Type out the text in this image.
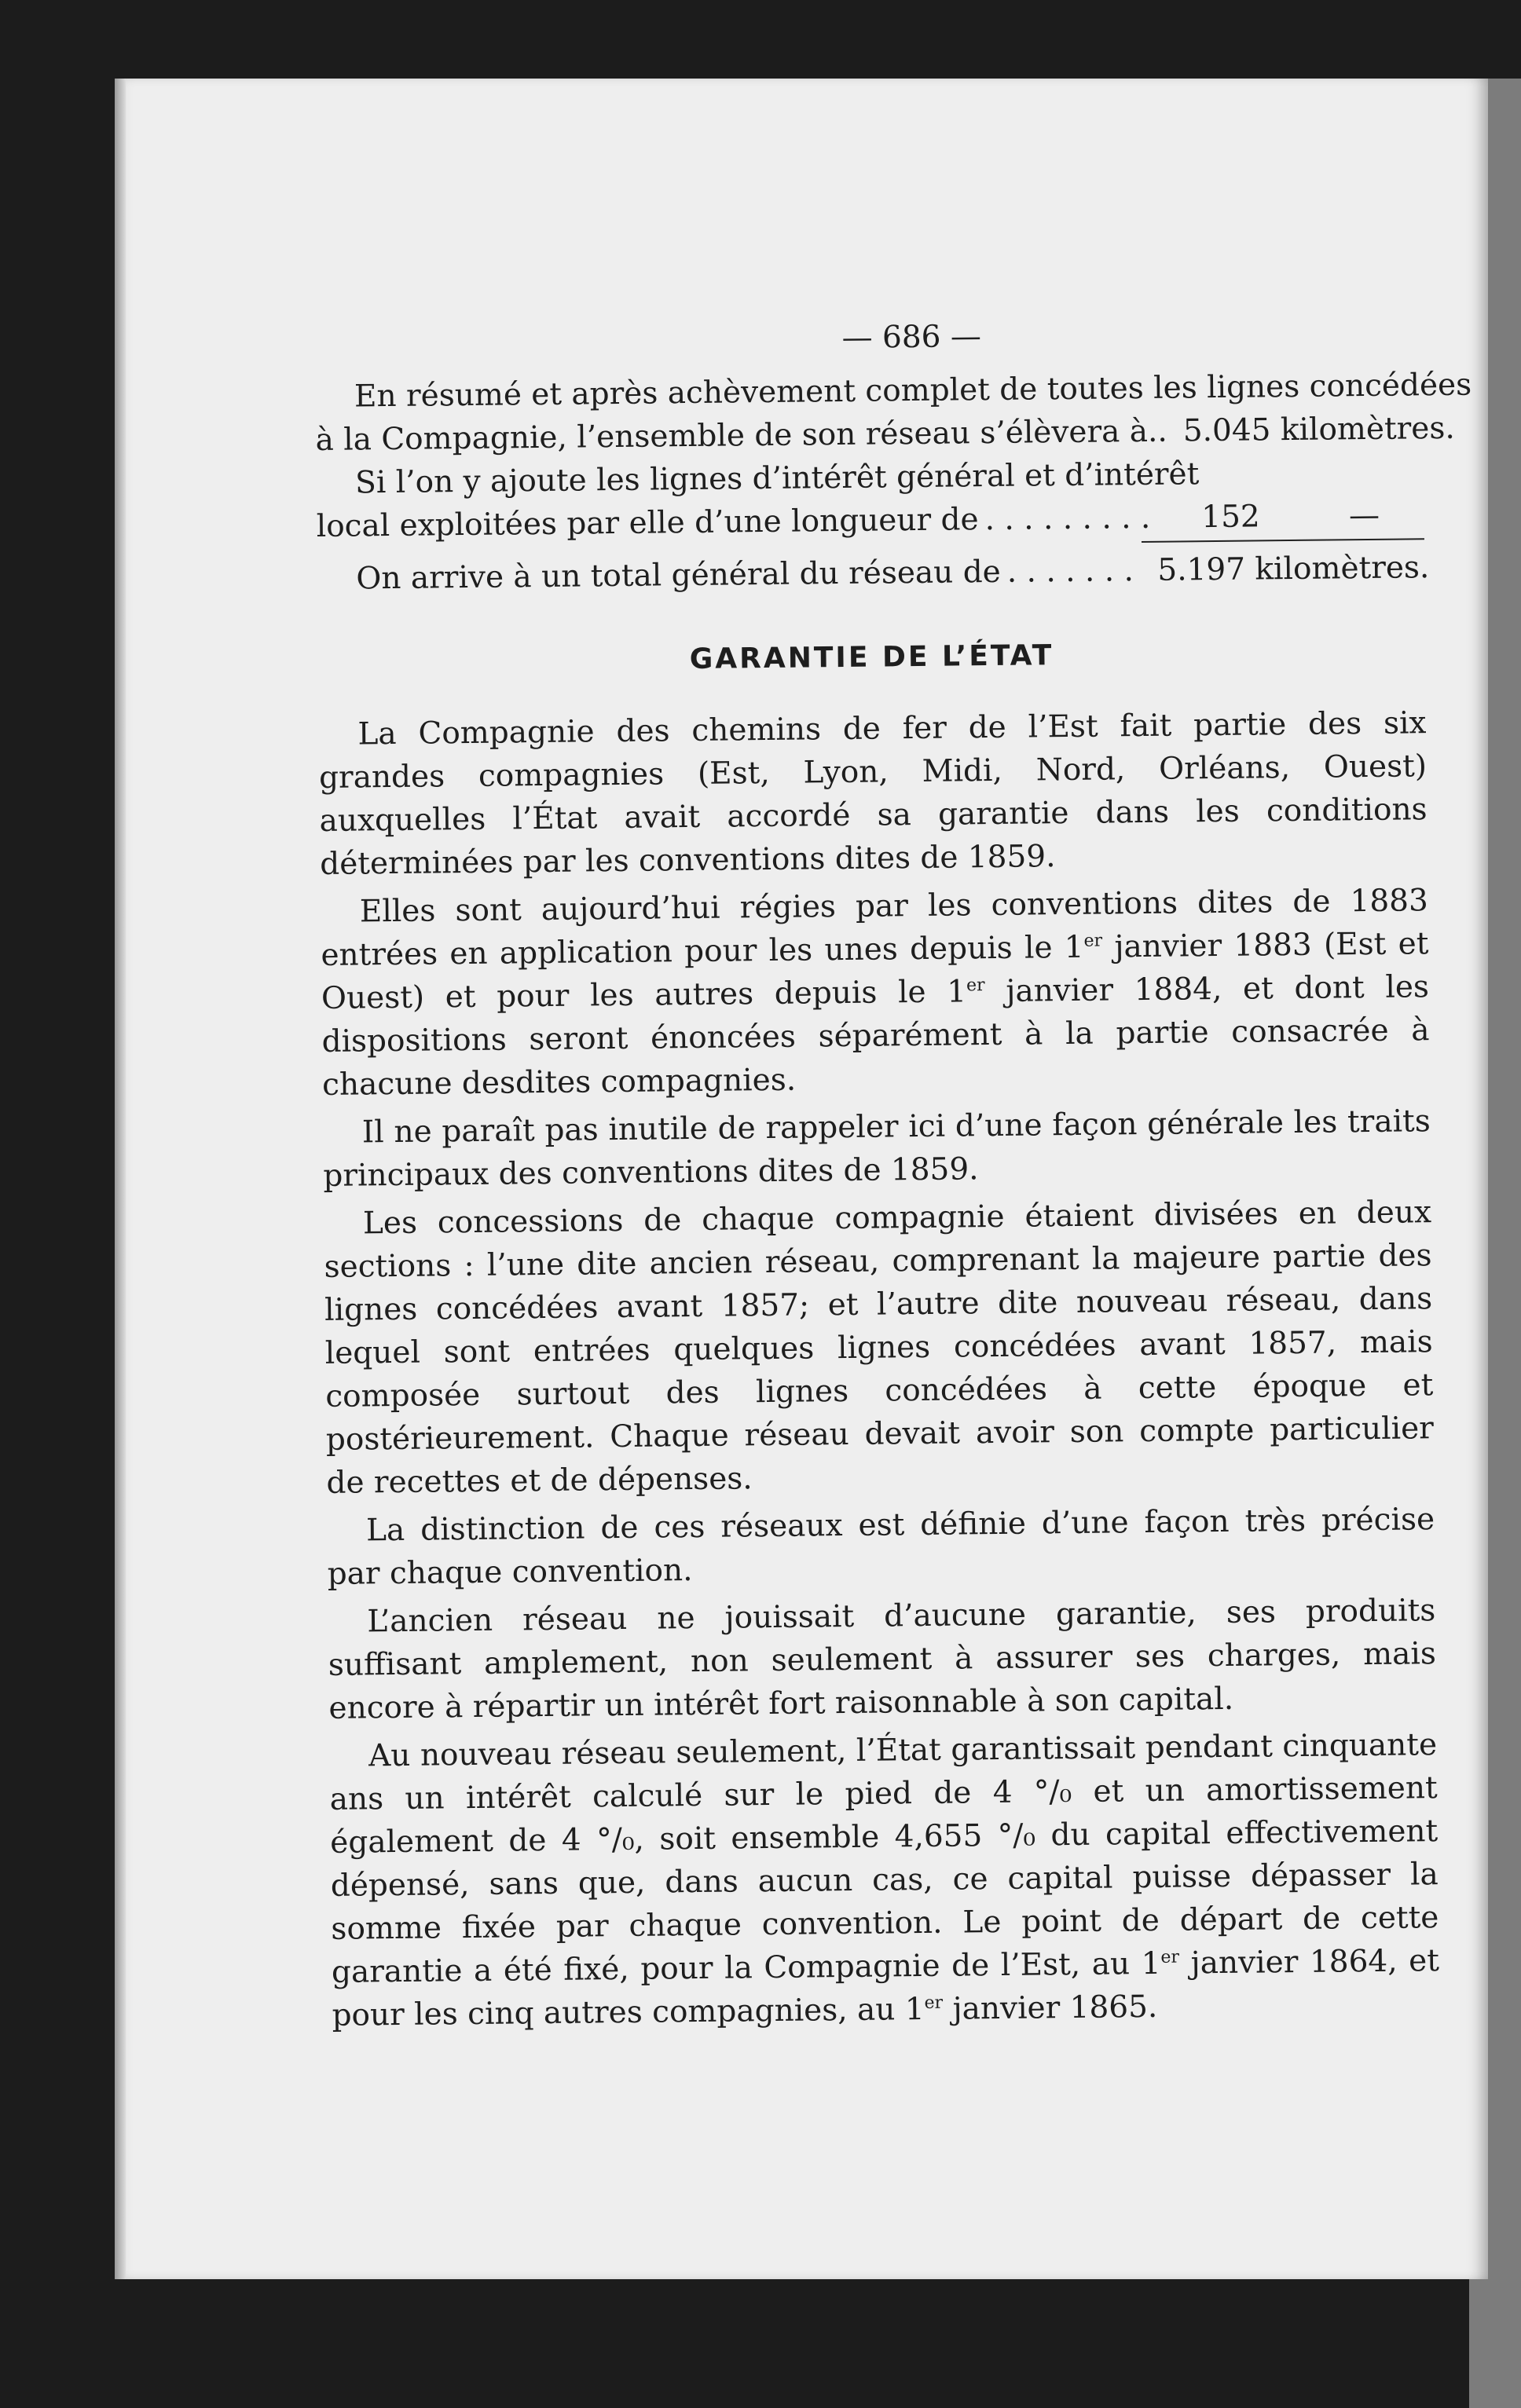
— 686 —
En résumé et après achèvement complet de toutes les lignes concédées
à la Compagnie, l’ensemble de son réseau s’élèvera à.. 5.045 kilomètres.
Si l’on y ajoute les lignes d’intérêt général et d’intérêt
local exploitées par elle d’une longueur de . . .	152	—
On arrive à un total général du réseau de . . .	5.197 kilomètres.
GARANTIE DE L’ÉTAT

La Compagnie des chemins de fer de l’Est fait partie des six grandes compagnies (Est, Lyon, Midi, Nord, Orléans, Ouest) auxquelles l’État avait accordé sa garantie dans les conditions déterminées par les conventions dites de 1859.

Elles sont aujourd’hui régies par les conventions dites de 1883 entrées en application pour les unes depuis le 1er janvier 1883 (Est et Ouest) et pour les autres depuis le 1er janvier 1884, et dont les dispositions seront énoncées séparément à la partie consacrée à chacune desdites compagnies.

Il ne paraît pas inutile de rappeler ici d’une façon générale les traits principaux des conventions dites de 1859.

Les concessions de chaque compagnie étaient divisées en deux sections : l’une dite ancien réseau, comprenant la majeure partie des lignes concédées avant 1857; et l’autre dite nouveau réseau, dans lequel sont entrées quelques lignes concédées avant 1857, mais composée surtout des lignes concédées à cette époque et postérieurement. Chaque réseau devait avoir son compte particulier de recettes et de dépenses.

La distinction de ces réseaux est définie d’une façon très précise par chaque convention.

L’ancien réseau ne jouissait d’aucune garantie, ses produits suffisant amplement, non seulement à assurer ses charges, mais encore à répartir un intérêt fort raisonnable à son capital.

Au nouveau réseau seulement, l’État garantissait pendant cinquante ans un intérêt calculé sur le pied de 4 °/₀ et un amortissement également de 4 °/₀, soit ensemble 4,655 °/₀ du capital effectivement dépensé, sans que, dans aucun cas, ce capital puisse dépasser la somme fixée par chaque convention. Le point de départ de cette garantie a été fixé, pour la Compagnie de l’Est, au 1er janvier 1864, et pour les cinq autres compagnies, au 1er janvier 1865.
